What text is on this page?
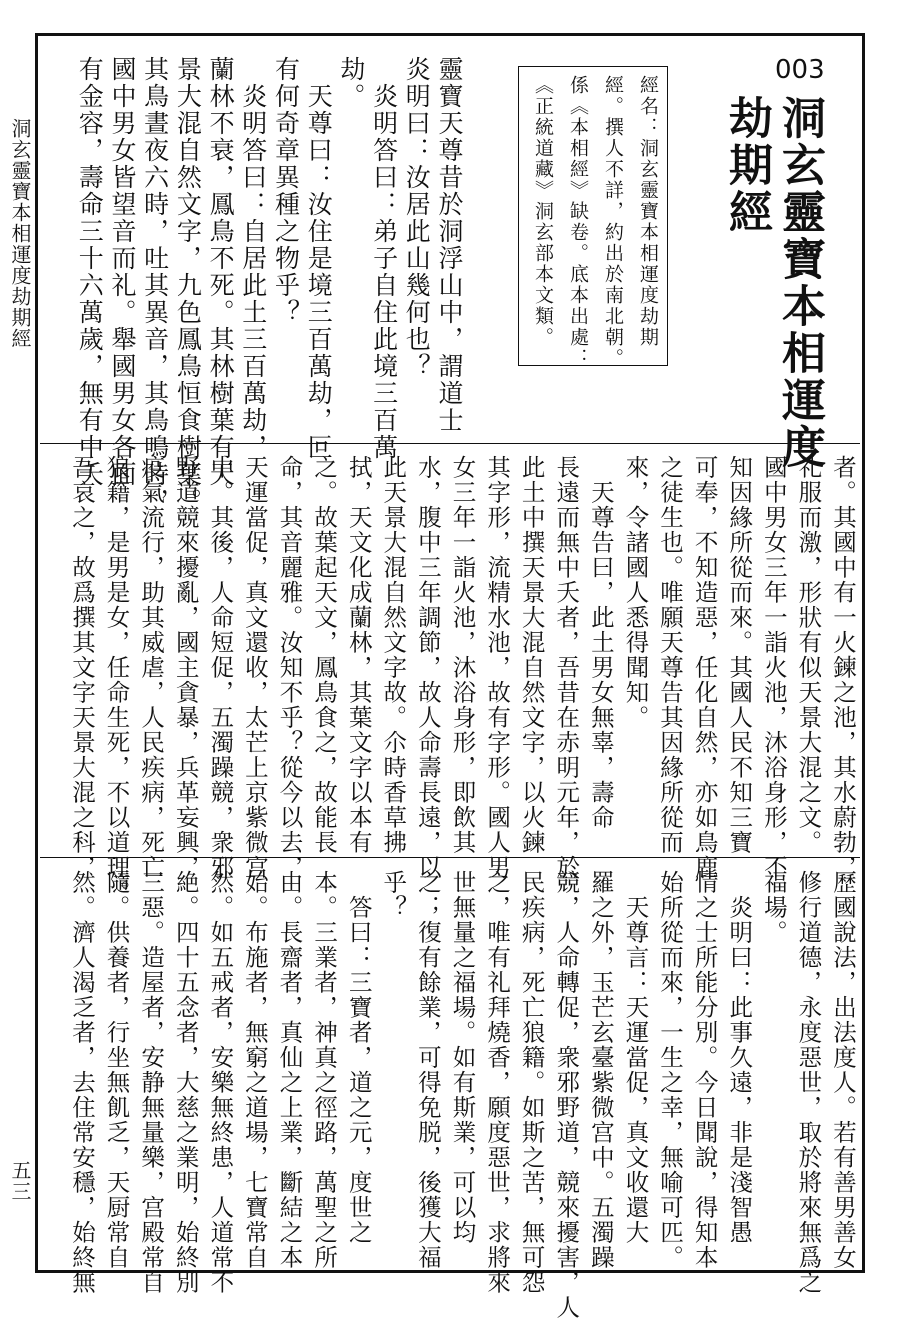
洞玄靈寶本相運度劫期經
五三
003
洞玄靈寶本相運度
劫期經
經名：洞玄靈寶本相運度劫期
經。撰人不詳，約出於南北朝。
係《本相經》缺卷。底本出處：
《正統道藏》洞玄部本文類。
靈寶天尊昔於洞浮山中，謂道士
炎明曰：汝居此山幾何也？
　炎明答曰：弟子自住此境三百萬
劫。
　天尊曰：汝住是境三百萬劫，叵
有何奇章異種之物乎？
　炎明答曰：自居此土三百萬劫，
蘭林不衰，鳳鳥不死。其林樹葉有天
景大混自然文字，九色鳳鳥恒食樹葉。
其鳥晝夜六時，吐其異音，其鳥鳴時，
國中男女皆望音而礼。舉國男女各面
有金容，壽命三十六萬歲，無有中夭
者。其國中有一火鍊之池，其水蔚勃，
礼服而激，形狀有似天景大混之文。
國中男女三年一詣火池，沐浴身形，不
知因緣所從而來。其國人民不知三寶
可奉，不知造惡，任化自然，亦如鳥鹿
之徒生也。唯願天尊告其因緣所從而
來，令諸國人悉得聞知。
　天尊告曰，此土男女無辜，壽命
長遠而無中夭者，吾昔在赤明元年，於
此土中撰天景大混自然文字，以火鍊
其字形，流精水池，故有字形。國人男
女三年一詣火池，沐浴身形，即飲其
水，腹中三年調節，故人命壽長遠，以
此天景大混自然文字故。尒時香草拂
拭，天文化成蘭林，其葉文字以本有
之。故葉起天文，鳳鳥食之，故能長
命，其音麗雅。汝知不乎？從今以去，
天運當促，真文還收，太芒上京紫微宫
中。其後，人命短促，五濁躁競，衆邪
野道競來擾亂，國主貪暴，兵革妄興，
疫氣流行，助其威虐，人民疾病，死亡
狼籍，是男是女，任命生死，不以道理。
吾哀之，故爲撰其文字天景大混之科，
歷國說法，出法度人。若有善男善女
修行道德，永度惡世，取於將來無爲之
福場。
　炎明曰：此事久遠，非是淺智愚
情之士所能分別。今日聞說，得知本
始所從而來，一生之幸，無喻可匹。
　天尊言：天運當促，真文收還大
羅之外，玉芒玄臺紫微宫中。五濁躁
競，人命轉促，衆邪野道，競來擾害，人
民疾病，死亡狼籍。如斯之苦，無可怨
之，唯有礼拜燒香，願度惡世，求將來
世無量之福場。如有斯業，可以均
之；復有餘業，可得免脱，後獲大福
乎？
　答曰：三寶者，道之元，度世之
本。三業者，神真之徑路，萬聖之所
由。長齋者，真仙之上業，斷結之本
始。布施者，無窮之道場，七寶常自
然。如五戒者，安樂無終患，人道常不
絶。四十五念者，大慈之業明，始終別
三惡。造屋者，安静無量樂，宫殿常自
隨。供養者，行坐無飢乏，天厨常自
然。濟人渴乏者，去住常安穩，始終無
